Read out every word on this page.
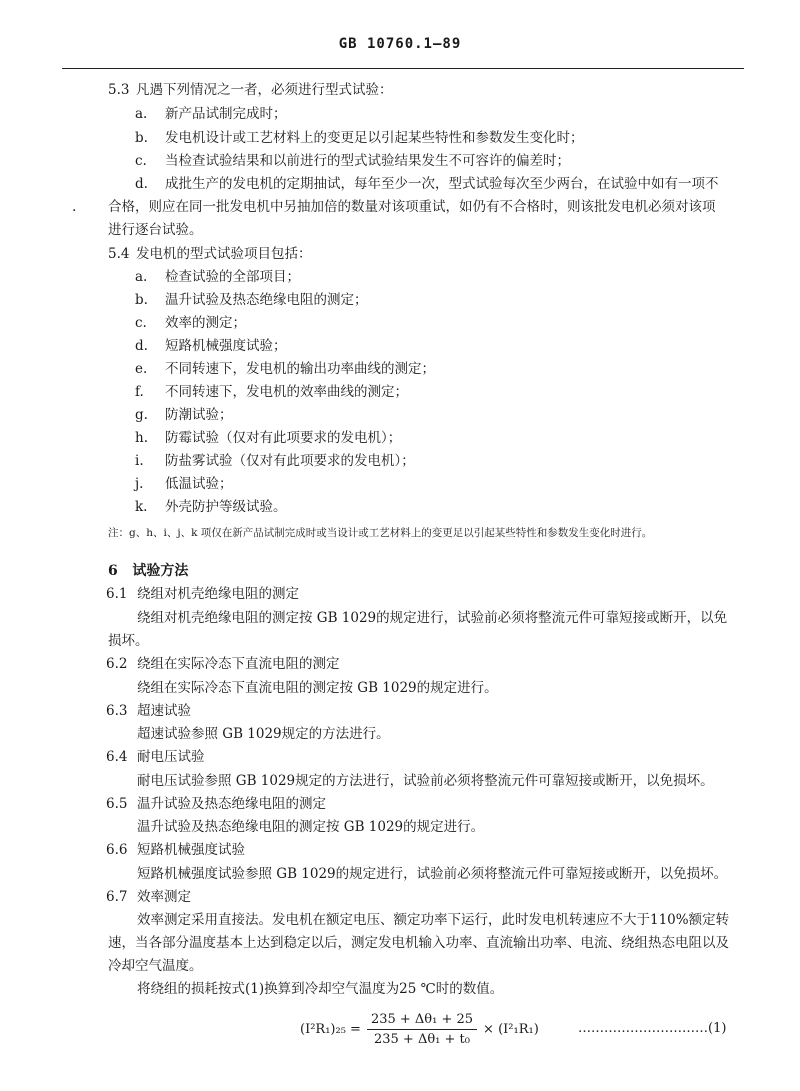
GB 10760.1—89
5.3 凡遇下列情况之一者，必须进行型式试验：
a. 新产品试制完成时；
b. 发电机设计或工艺材料上的变更足以引起某些特性和参数发生变化时；
c. 当检查试验结果和以前进行的型式试验结果发生不可容许的偏差时；
d. 成批生产的发电机的定期抽试，每年至少一次，型式试验每次至少两台，在试验中如有一项不
合格，则应在同一批发电机中另抽加倍的数量对该项重试，如仍有不合格时，则该批发电机必须对该项
·
进行逐台试验。
5.4 发电机的型式试验项目包括：
a. 检查试验的全部项目；
b. 温升试验及热态绝缘电阻的测定；
c. 效率的测定；
d. 短路机械强度试验；
e. 不同转速下，发电机的输出功率曲线的测定；
f. 不同转速下，发电机的效率曲线的测定；
g. 防潮试验；
h. 防霉试验（仅对有此项要求的发电机）；
i. 防盐雾试验（仅对有此项要求的发电机）；
j. 低温试验；
k. 外壳防护等级试验。
注：g、h、i、j、k 项仅在新产品试制完成时或当设计或工艺材料上的变更足以引起某些特性和参数发生变化时进行。
6 试验方法
6.1 绕组对机壳绝缘电阻的测定
绕组对机壳绝缘电阻的测定按 GB 1029的规定进行，试验前必须将整流元件可靠短接或断开，以免
损坏。
6.2 绕组在实际冷态下直流电阻的测定
绕组在实际冷态下直流电阻的测定按 GB 1029的规定进行。
6.3 超速试验
超速试验参照 GB 1029规定的方法进行。
6.4 耐电压试验
耐电压试验参照 GB 1029规定的方法进行，试验前必须将整流元件可靠短接或断开，以免损坏。
6.5 温升试验及热态绝缘电阻的测定
温升试验及热态绝缘电阻的测定按 GB 1029的规定进行。
6.6 短路机械强度试验
短路机械强度试验参照 GB 1029的规定进行，试验前必须将整流元件可靠短接或断开，以免损坏。
6.7 效率测定
效率测定采用直接法。发电机在额定电压、额定功率下运行，此时发电机转速应不大于110%额定转
速，当各部分温度基本上达到稳定以后，测定发电机输入功率、直流输出功率、电流、绕组热态电阻以及
冷却空气温度。
将绕组的损耗按式(1)换算到冷却空气温度为25 ℃时的数值。
$(I^2R_1)_{25} = \frac{\text{235 + Δθ₁ + 25}}{\text{235 + Δθ₁ + t₀}} \times (I^2_1R_1)$	…………………………(1)
